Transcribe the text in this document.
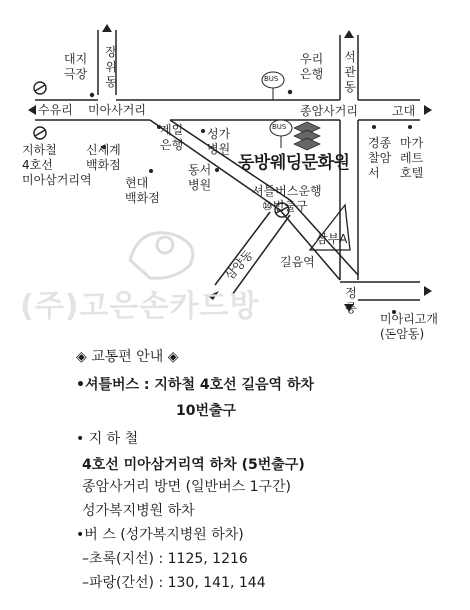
수유리 미아사거리
장위동
대지
극장
우리
은행
석관동
BUS
BUS
종암사거리	고대
제일
은행
성가
병원
지하철
4호선
미아삼거리역
신세계
백화점
현대
백화점
동서
병원
경종
찰암
서
마가
레트
호텔
동방웨딩문화원
셔틀버스운행
⑩번출구
삼부A
삼양동 길음역
정릉
미아리고개
(돈암동)
(주)고은손카드방
◈ 교통편 안내 ◈
•셔틀버스 : 지하철 4호선 길음역 하차
10번출구
• 지 하 철
4호선 미아삼거리역 하차 (5번출구)
종암사거리 방면 (일반버스 1구간)
성가복지병원 하차
•버 스 (성가복지병원 하차)
–초록(지선) : 1125, 1216
–파랑(간선) : 130, 141, 144
